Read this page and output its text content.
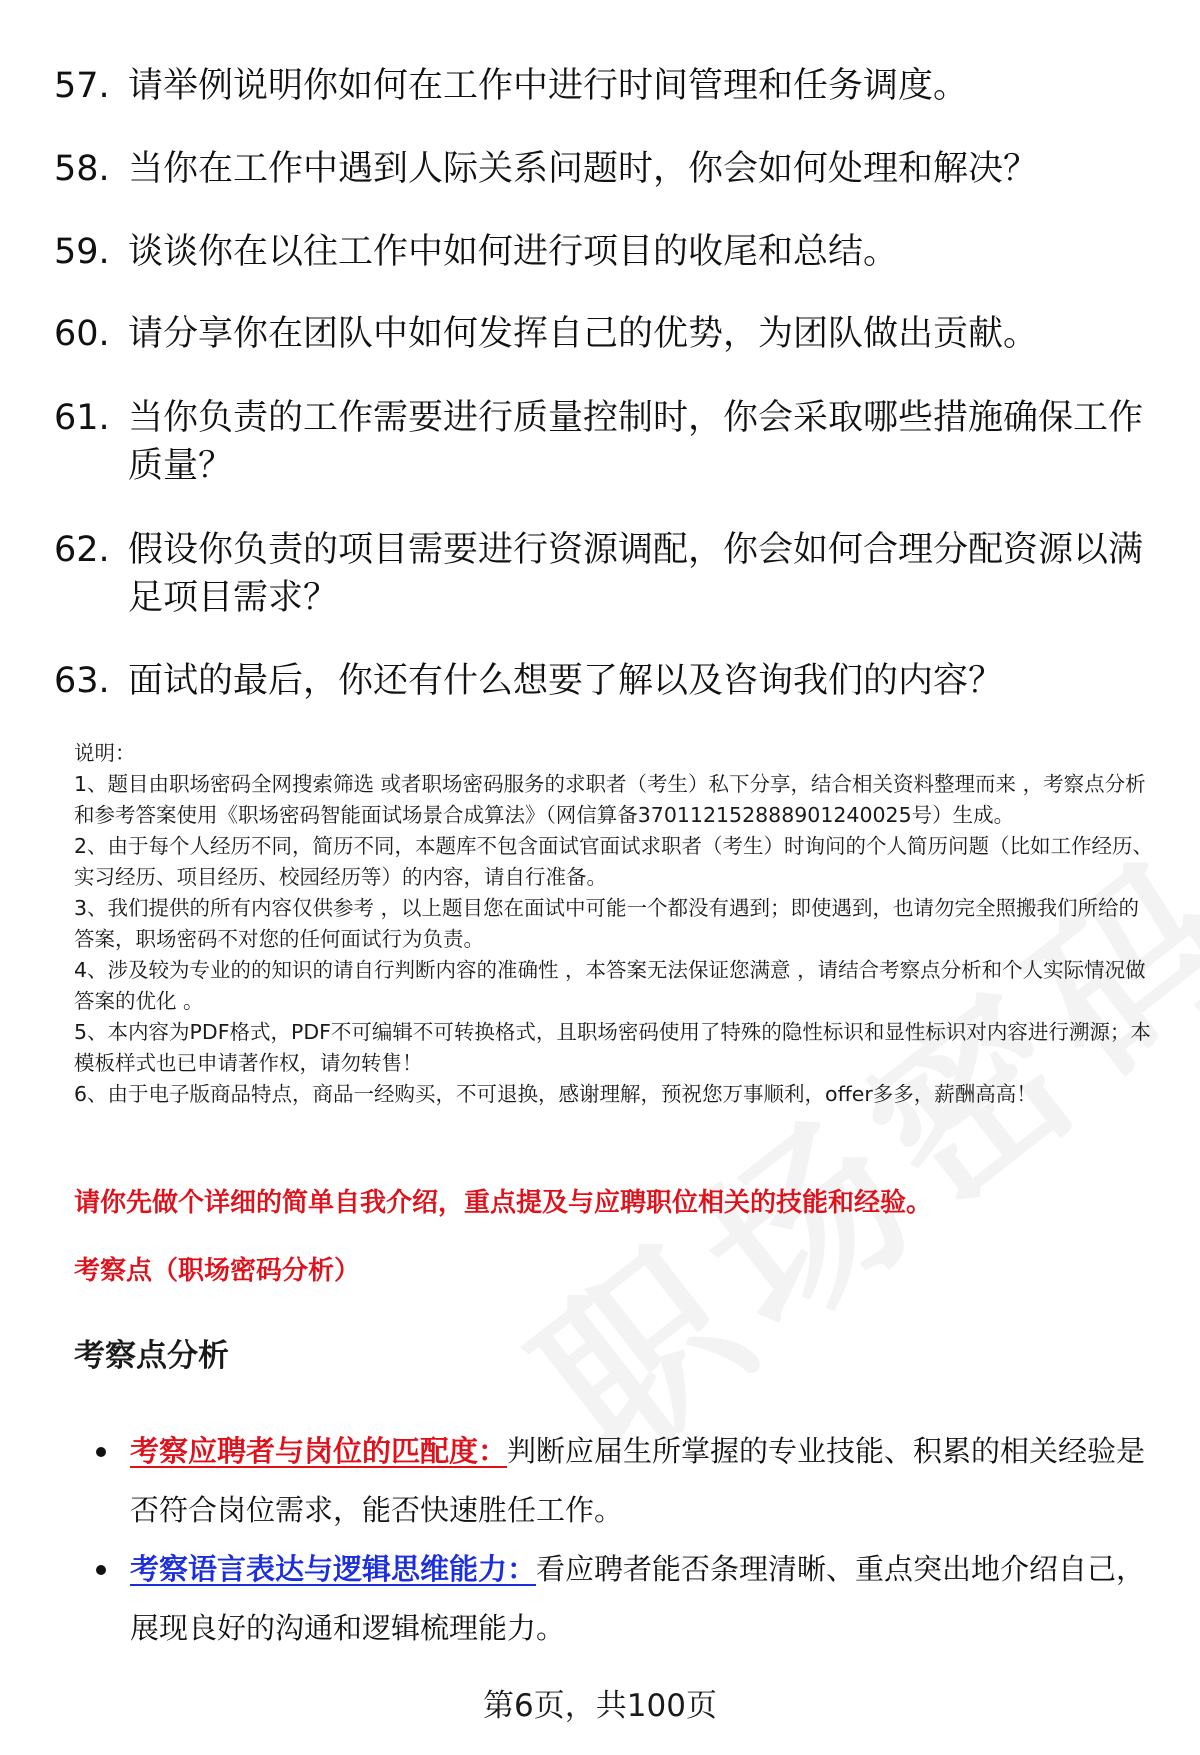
57. 请举例说明你如何在工作中进行时间管理和任务调度。
58. 当你在工作中遇到人际关系问题时，你会如何处理和解决？
59. 谈谈你在以往工作中如何进行项目的收尾和总结。
60. 请分享你在团队中如何发挥自己的优势，为团队做出贡献。
61. 当你负责的工作需要进行质量控制时，你会采取哪些措施确保工作质量？
62. 假设你负责的项目需要进行资源调配，你会如何合理分配资源以满足项目需求？
63. 面试的最后，你还有什么想要了解以及咨询我们的内容？

说明：

1、题目由职场密码全网搜索筛选 或者职场密码服务的求职者（考生）私下分享，结合相关资料整理而来 ，考察点分析和参考答案使用《职场密码智能面试场景合成算法》（网信算备370112152888901240025号）生成。

2、由于每个人经历不同，简历不同，本题库不包含面试官面试求职者（考生）时询问的个人简历问题（比如工作经历、实习经历、项目经历、校园经历等）的内容，请自行准备。

3、我们提供的所有内容仅供参考 ，以上题目您在面试中可能一个都没有遇到；即使遇到，也请勿完全照搬我们所给的答案，职场密码不对您的任何面试行为负责。

4、涉及较为专业的的知识的请自行判断内容的准确性 ，本答案无法保证您满意 ，请结合考察点分析和个人实际情况做答案的优化 。

5、本内容为PDF格式，PDF不可编辑不可转换格式，且职场密码使用了特殊的隐性标识和显性标识对内容进行溯源；本模板样式也已申请著作权，请勿转售！

6、由于电子版商品特点，商品一经购买，不可退换，感谢理解，预祝您万事顺利，offer多多，薪酬高高！

请你先做个详细的简单自我介绍，重点提及与应聘职位相关的技能和经验。
考察点（职场密码分析）
考察点分析
考察应聘者与岗位的匹配度：判断应届生所掌握的专业技能、积累的相关经验是否符合岗位需求，能否快速胜任工作。
考察语言表达与逻辑思维能力：看应聘者能否条理清晰、重点突出地介绍自己，展现良好的沟通和逻辑梳理能力。
第6页，共100页
